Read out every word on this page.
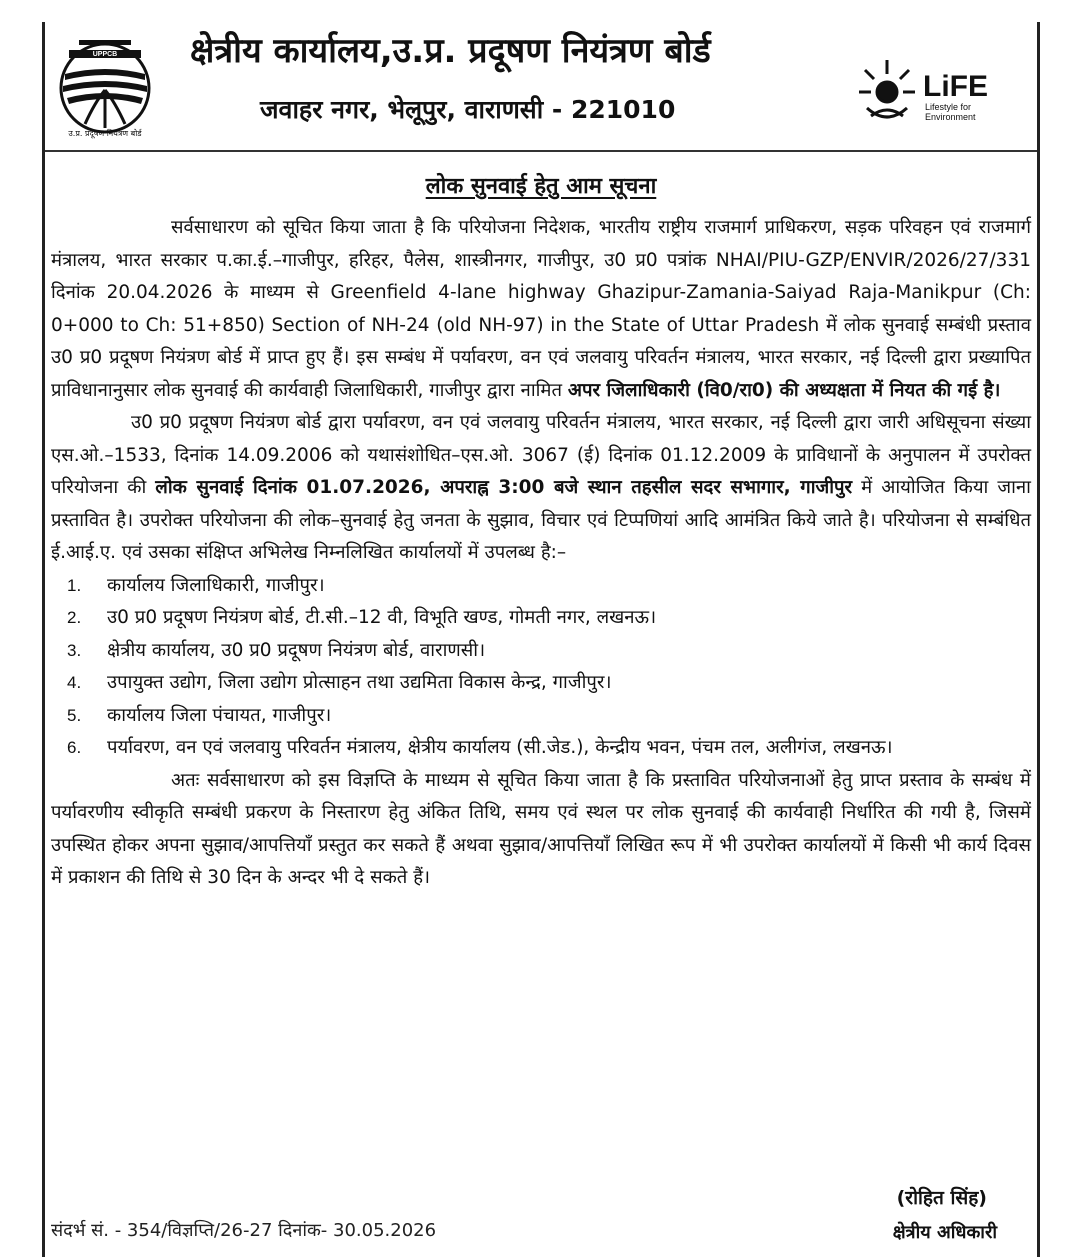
UPPCB
उ.प्र. प्रदूषण नियंत्रण बोर्ड
क्षेत्रीय कार्यालय,उ.प्र. प्रदूषण नियंत्रण बोर्ड
जवाहर नगर, भेलूपुर, वाराणसी - 221010
LiFE
Lifestyle for
Environment
लोक सुनवाई हेतु आम सूचना

सर्वसाधारण को सूचित किया जाता है कि परियोजना निदेशक, भारतीय राष्ट्रीय राजमार्ग प्राधिकरण, सड़क परिवहन एवं राजमार्ग मंत्रालय, भारत सरकार प.का.ई.–गाजीपुर, हरिहर, पैलेस, शास्त्रीनगर, गाजीपुर, उ0 प्र0 पत्रांक NHAI/PIU-GZP/ENVIR/2026/27/331 दिनांक 20.04.2026 के माध्यम से Greenfield 4-lane highway Ghazipur-Zamania-Saiyad Raja-Manikpur (Ch: 0+000 to Ch: 51+850) Section of NH-24 (old NH-97) in the State of Uttar Pradesh में लोक सुनवाई सम्बंधी प्रस्ताव उ0 प्र0 प्रदूषण नियंत्रण बोर्ड में प्राप्त हुए हैं। इस सम्बंध में पर्यावरण, वन एवं जलवायु परिवर्तन मंत्रालय, भारत सरकार, नई दिल्ली द्वारा प्रख्यापित प्राविधानानुसार लोक सुनवाई की कार्यवाही जिलाधिकारी, गाजीपुर द्वारा नामित अपर जिलाधिकारी (वि0/रा0) की अध्यक्षता में नियत की गई है।

उ0 प्र0 प्रदूषण नियंत्रण बोर्ड द्वारा पर्यावरण, वन एवं जलवायु परिवर्तन मंत्रालय, भारत सरकार, नई दिल्ली द्वारा जारी अधिसूचना संख्या एस.ओ.–1533, दिनांक 14.09.2006 को यथासंशोधित–एस.ओ. 3067 (ई) दिनांक 01.12.2009 के प्राविधानों के अनुपालन में उपरोक्त परियोजना की लोक सुनवाई दिनांक 01.07.2026, अपराह्न 3:00 बजे स्थान तहसील सदर सभागार, गाजीपुर में आयोजित किया जाना प्रस्तावित है। उपरोक्त परियोजना की लोक–सुनवाई हेतु जनता के सुझाव, विचार एवं टिप्पणियां आदि आमंत्रित किये जाते है। परियोजना से सम्बंधित ई.आई.ए. एवं उसका संक्षिप्त अभिलेख निम्नलिखित कार्यालयों में उपलब्ध है:–

1. कार्यालय जिलाधिकारी, गाजीपुर।
2. उ0 प्र0 प्रदूषण नियंत्रण बोर्ड, टी.सी.–12 वी, विभूति खण्ड, गोमती नगर, लखनऊ।
3. क्षेत्रीय कार्यालय, उ0 प्र0 प्रदूषण नियंत्रण बोर्ड, वाराणसी।
4. उपायुक्त उद्योग, जिला उद्योग प्रोत्साहन तथा उद्यमिता विकास केन्द्र, गाजीपुर।
5. कार्यालय जिला पंचायत, गाजीपुर।
6. पर्यावरण, वन एवं जलवायु परिवर्तन मंत्रालय, क्षेत्रीय कार्यालय (सी.जेड.), केन्द्रीय भवन, पंचम तल, अलीगंज, लखनऊ।

अतः सर्वसाधारण को इस विज्ञप्ति के माध्यम से सूचित किया जाता है कि प्रस्तावित परियोजनाओं हेतु प्राप्त प्रस्ताव के सम्बंध में पर्यावरणीय स्वीकृति सम्बंधी प्रकरण के निस्तारण हेतु अंकित तिथि, समय एवं स्थल पर लोक सुनवाई की कार्यवाही निर्धारित की गयी है, जिसमें उपस्थित होकर अपना सुझाव/आपत्तियॉं प्रस्तुत कर सकते हैं अथवा सुझाव/आपत्तियॉं लिखित रूप में भी उपरोक्त कार्यालयों में किसी भी कार्य दिवस में प्रकाशन की तिथि से 30 दिन के अन्दर भी दे सकते हैं।

(रोहित सिंह)
संदर्भ सं. - 354/विज्ञप्ति/26-27 दिनांक- 30.05.2026	क्षेत्रीय अधिकारी
